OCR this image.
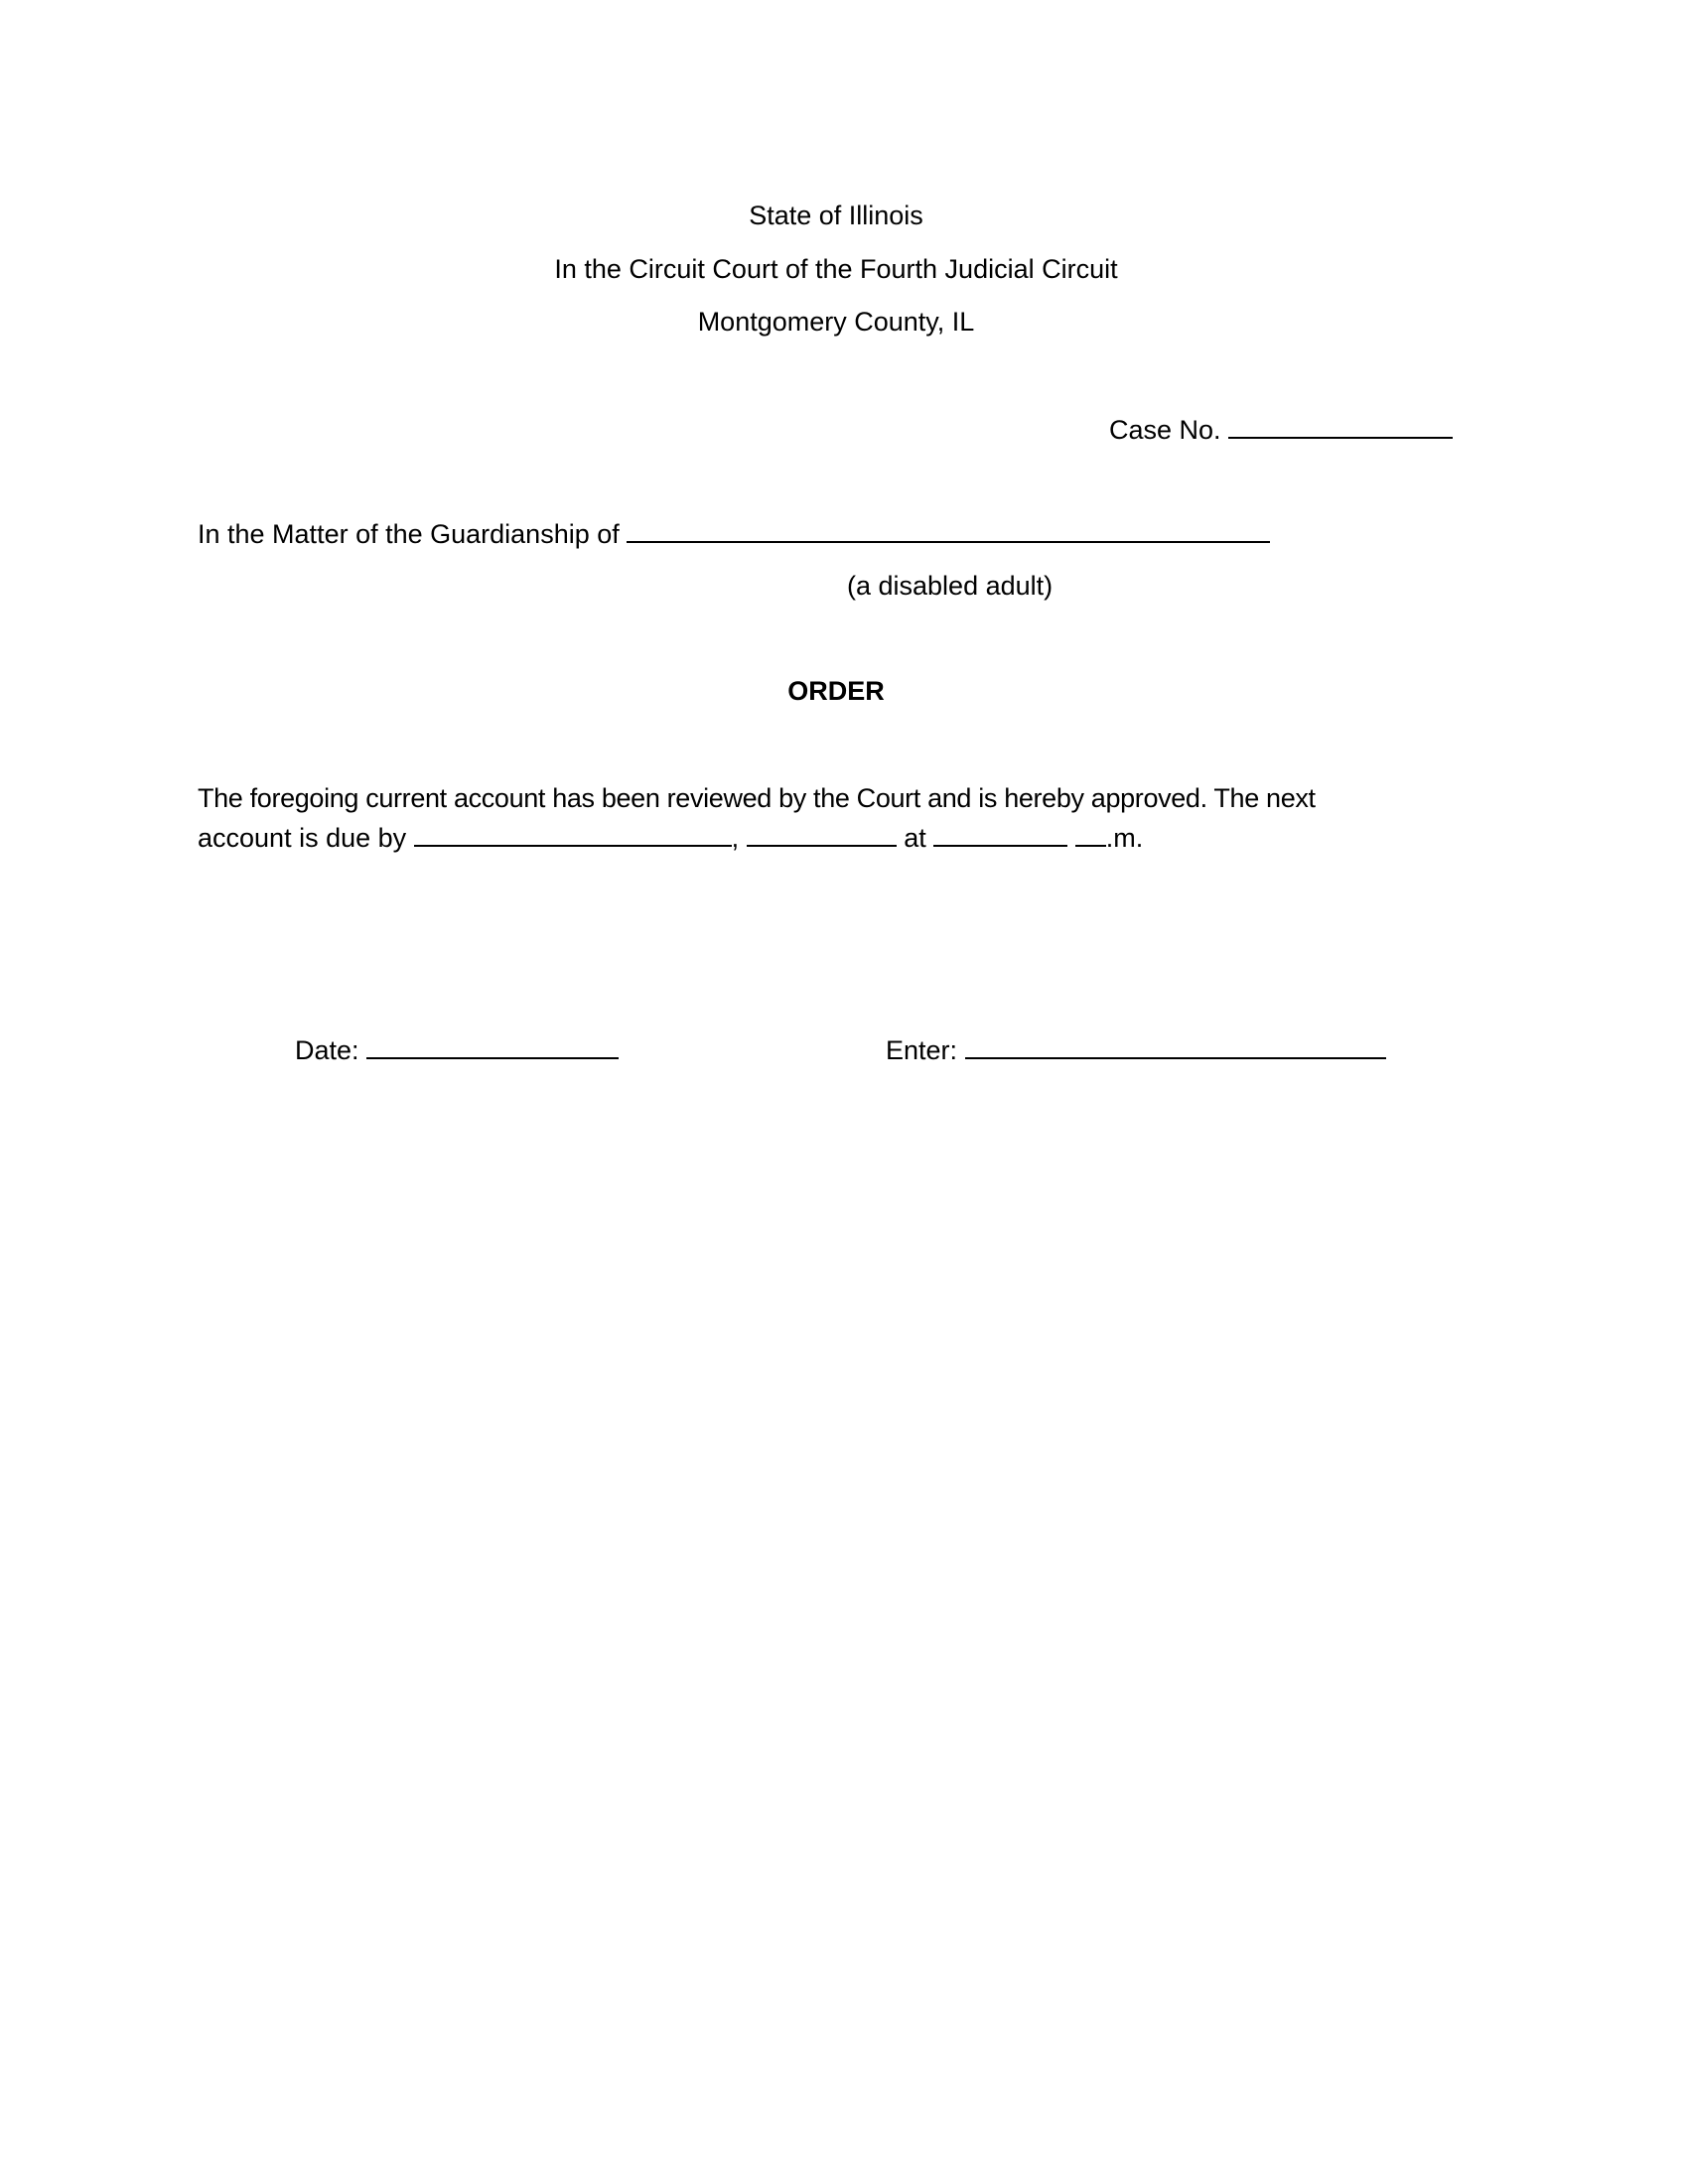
State of Illinois
In the Circuit Court of the Fourth Judicial Circuit
Montgomery County, IL
Case No.
In the Matter of the Guardianship of
(a disabled adult)
ORDER
The foregoing current account has been reviewed by the Court and is hereby approved. The next
account is due by	,	at	.m.
Date:	Enter:
